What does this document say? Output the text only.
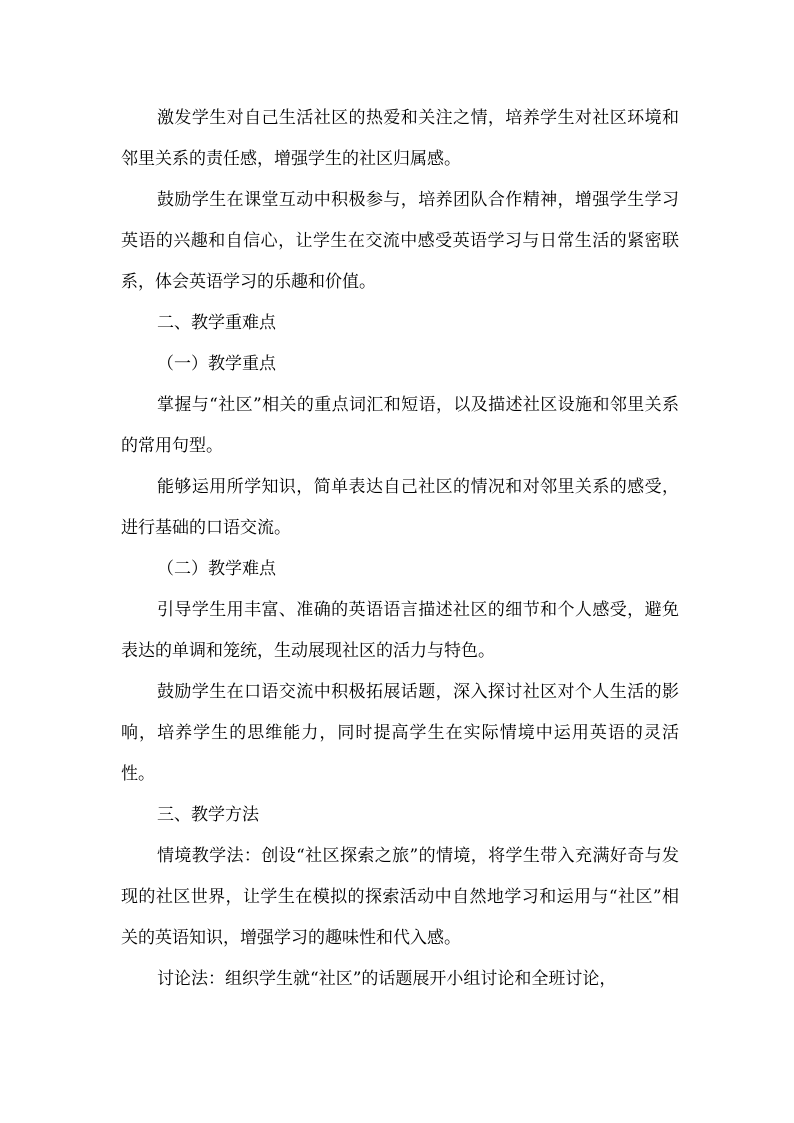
激发学生对自己生活社区的热爱和关注之情，培养学生对社区环境和邻里关系的责任感，增强学生的社区归属感。

鼓励学生在课堂互动中积极参与，培养团队合作精神，增强学生学习英语的兴趣和自信心，让学生在交流中感受英语学习与日常生活的紧密联系，体会英语学习的乐趣和价值。

二、教学重难点

（一）教学重点

掌握与“社区”相关的重点词汇和短语，以及描述社区设施和邻里关系的常用句型。

能够运用所学知识，简单表达自己社区的情况和对邻里关系的感受，进行基础的口语交流。

（二）教学难点

引导学生用丰富、准确的英语语言描述社区的细节和个人感受，避免表达的单调和笼统，生动展现社区的活力与特色。

鼓励学生在口语交流中积极拓展话题，深入探讨社区对个人生活的影响，培养学生的思维能力，同时提高学生在实际情境中运用英语的灵活性。

三、教学方法

情境教学法：创设“社区探索之旅”的情境，将学生带入充满好奇与发现的社区世界，让学生在模拟的探索活动中自然地学习和运用与“社区”相关的英语知识，增强学习的趣味性和代入感。

讨论法：组织学生就“社区”的话题展开小组讨论和全班讨论，
